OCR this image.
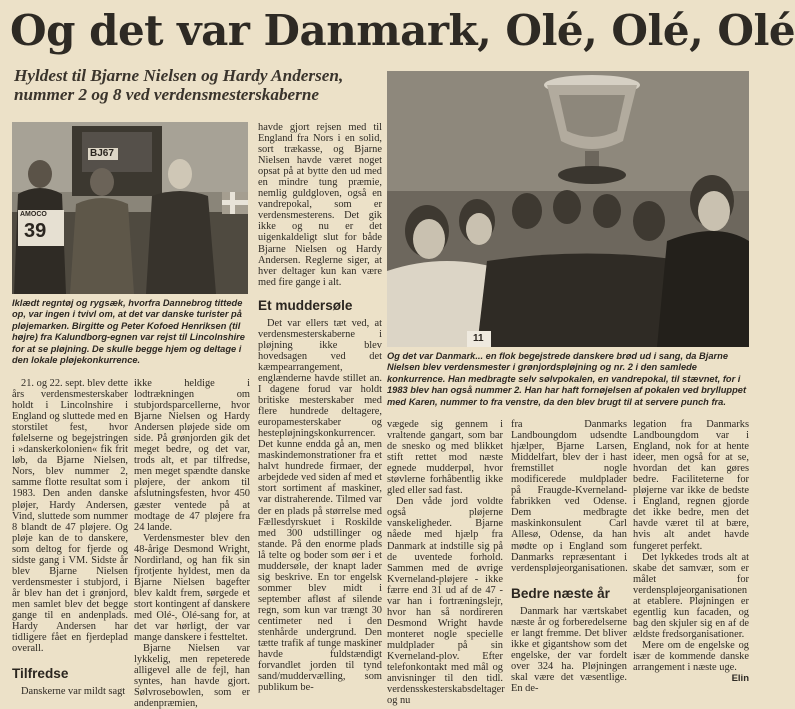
Og det var Danmark, Olé, Olé, Olé

Hyldest til Bjarne Nielsen og Hardy Andersen, nummer 2 og 8 ved verdensmesterskaberne

BJ67
AMOCO
39

Iklædt regntøj og rygsæk, hvorfra Dannebrog tittede op, var ingen i tvivl om, at det var danske turister på pløjemarken. Birgitte og Peter Kofoed Henriksen (til højre) fra Kalundborg-egnen var rejst til Lincolnshire for at se pløjning. De skulle begge hjem og deltage i den lokale pløjekonkurrence.

11

Og det var Danmark... en flok begejstrede danskere brød ud i sang, da Bjarne Nielsen blev verdensmester i grønjordspløjning og nr. 2 i den samlede konkurrence. Han medbragte selv sølvpokalen, en vandrepokal, til stævnet, for i 1983 blev han også nummer 2. Han har haft fornøjelsen af pokalen ved brylluppet med Karen, nummer to fra venstre, da den blev brugt til at servere punch fra.

21. og 22. sept. blev dette års verdensmesterskaber holdt i Lincolnshire i England og sluttede med en storstilet fest, hvor følelserne og begejstringen i »danskerkolonien« fik frit løb, da Bjarne Nielsen, Nors, blev nummer 2, samme flotte resultat som i 1983. Den anden danske pløjer, Hardy Andersen, Vind, sluttede som nummer 8 blandt de 47 pløjere. Og pløje kan de to danskere, som deltog for fjerde og sidste gang i VM. Sidste år blev Bjarne Nielsen verdensmester i stubjord, i år blev han det i grønjord, men samlet blev det begge gange til en andenplads. Hardy Andersen har tidligere fået en fjerdeplad overall.

Tilfredse

Danskerne var mildt sagt

ikke heldige i lodtrækningen om stubjordsparcellerne, hvor Bjarne Nielsen og Hardy Andersen pløjede side om side. På grønjorden gik det meget bedre, og det var, trods alt, et par tilfredse, men meget spændte danske pløjere, der ankom til afslutningsfesten, hvor 450 gæster ventede på at modtage de 47 pløjere fra 24 lande.

Verdensmester blev den 48-årige Desmond Wright, Nordirland, og han fik sin fjrotjente hyldest, men da Bjarne Nielsen bagefter blev kaldt frem, sørgede et stort kontingent af danskere med Olé-, Olé-sang for, at det var hørligt, der var mange danskere i festteltet.

Bjarne Nielsen var lykkelig, men repeterede alligevel alle de fejl, han syntes, han havde gjort. Sølvrosebowlen, som er andenpræmien,

havde gjort rejsen med til England fra Nors i en solid, sort trækasse, og Bjarne Nielsen havde været noget opsat på at bytte den ud med en mindre tung præmie, nemlig guldgloven, også en vandrepokal, som er verdensmesterens. Det gik ikke og nu er det uigenkaldeligt slut for både Bjarne Nielsen og Hardy Andersen. Reglerne siger, at hver deltager kun kan være med fire gange i alt.

Et muddersøle

Det var ellers tæt ved, at verdensmesterskaberne i pløjning ikke blev hovedsagen ved det kæmpearrangement, englænderne havde stillet an. I dagene forud var holdt britiske mesterskaber med flere hundrede deltagere, europamesterskaber og hestepløjningskonkurrencer. Det kunne endda gå an, men maskindemonstrationer fra et halvt hundrede firmaer, der arbejdede ved siden af med et stort sortiment af maskiner, var distraherende. Tilmed var der en plads på størrelse med Fællesdyrskuet i Roskilde med 300 udstillinger og stande. På den enorme plads lå telte og boder som øer i et muddersøle, der knapt lader sig beskrive. En tor engelsk sommer blev midt i september afløst af silende regn, som kun var trængt 30 centimeter ned i den stenhårde undergrund. Den tætte trafik af tunge maskiner havde fuldstændigt forvandlet jorden til tynd sand/muddervælling, som publikum be-

vægede sig gennem i vraltende gangart, som bar de snesko og med blikket stift rettet mod næste egnede mudderpøl, hvor støvlerne forhåbentlig ikke gled eller sad fast.

Den våde jord voldte også pløjerne vanskeligheder. Bjarne nåede med hjælp fra Danmark at indstille sig på de uventede forhold. Sammen med de øvrige Kverneland-pløjere - ikke færre end 31 ud af de 47 - var han i fortræningslejr, hvor han så nordireren Desmond Wright havde monteret nogle specielle muldplader på sin Kverneland-plov. Efter telefonkontakt med mål og anvisninger til den tidl. verdensskesterskabsdeltager og nu

fra Danmarks Landboungdom udsendte hjælper, Bjarne Larsen, Middelfart, blev der i hast fremstillet nogle modificerede muldplader på Fraugde-Kverneland-fabrikken ved Odense. Dem medbragte maskinkonsulent Carl Allesø, Odense, da han mødte op i England som Danmarks repræsentant i verdenspløjeorganisationen.

Bedre næste år

Danmark har værtskabet næste år og forberedelserne er langt fremme. Det bliver ikke et gigantshow som det engelske, der var fordelt over 324 ha. Pløjningen skal være det væsentlige. En de-

legation fra Danmarks Landboungdom var i England, nok for at hente ideer, men også for at se, hvordan det kan gøres bedre. Faciliteterne for pløjerne var ikke de bedste i England, regnen gjorde det ikke bedre, men det havde været til at bære, hvis alt andet havde fungeret perfekt.

Det lykkedes trods alt at skabe det samvær, som er målet for verdenspløjeorganisationen at etablere. Pløjningen er egentlig kun facaden, og bag den skjuler sig en af de ældste fredsorganisationer.

Mere om de engelske og især de kommende danske arrangement i næste uge.

Elin
